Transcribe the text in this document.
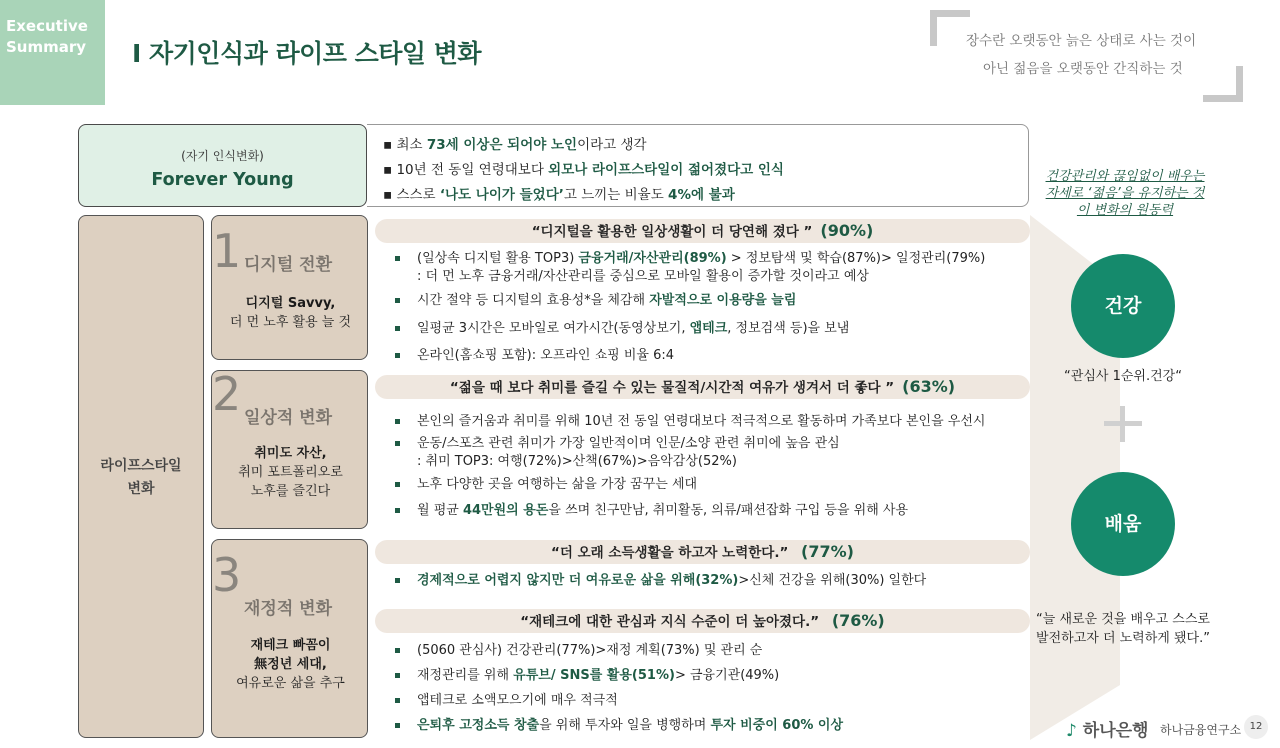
Executive
Summary	I 자기인식과 라이프 스타일 변화	장수란 오랫동안 늙은 상태로 사는 것이
아닌 젊음을 오랫동안 간직하는 것
(자기 인식변화)
Forever Young
▪ 최소 73세 이상은 되어야 노인이라고 생각
▪ 10년 전 동일 연령대보다 외모나 라이프스타일이 젊어졌다고 인식
▪ 스스로 ‘나도 나이가 들었다’고 느끼는 비율도 4%에 불과
라이프스타일
변화
1 디지털 전환
디지털 Savvy,
더 먼 노후 활용 늘 것
“디지털을 활용한 일상생활이 더 당연해 졌다 ” (90%)
(일상속 디지털 활용 TOP3) 금융거래/자산관리(89%) > 정보탐색 및 학습(87%)> 일정관리(79%)
: 더 먼 노후 금융거래/자산관리를 중심으로 모바일 활용이 증가할 것이라고 예상
시간 절약 등 디지털의 효용성*을 체감해 자발적으로 이용량을 늘림
일평균 3시간은 모바일로 여가시간(동영상보기, 앱테크, 정보검색 등)을 보냄
온라인(홈쇼핑 포함): 오프라인 쇼핑 비율 6:4
2 일상적 변화
취미도 자산,
취미 포트폴리오로
노후를 즐긴다
“젊을 때 보다 취미를 즐길 수 있는 물질적/시간적 여유가 생겨서 더 좋다 ” (63%)
본인의 즐거움과 취미를 위해 10년 전 동일 연령대보다 적극적으로 활동하며 가족보다 본인을 우선시
운동/스포츠 관련 취미가 가장 일반적이며 인문/소양 관련 취미에 높음 관심
: 취미 TOP3: 여행(72%)>산책(67%)>음악감상(52%)
노후 다양한 곳을 여행하는 삶을 가장 꿈꾸는 세대
월 평균 44만원의 용돈을 쓰며 친구만남, 취미활동, 의류/패션잡화 구입 등을 위해 사용
3
재정적 변화
재테크 빠꼼이
無정년 세대,
여유로운 삶을 추구
“더 오래 소득생활을 하고자 노력한다.” (77%)
경제적으로 어렵지 않지만 더 여유로운 삶을 위해(32%)>신체 건강을 위해(30%) 일한다
“재테크에 대한 관심과 지식 수준이 더 높아졌다.” (76%)
(5060 관심사) 건강관리(77%)>재정 계획(73%) 및 관리 순
재정관리를 위해 유튜브/ SNS를 활용(51%)> 금융기관(49%)
앱테크로 소액모으기에 매우 적극적
은퇴후 고정소득 창출을 위해 투자와 일을 병행하며 투자 비중이 60% 이상
건강관리와 끊임없이 배우는
자세로 ‘젊음’을 유지하는 것
이 변화의 원동력
건강
“관심사 1순위.건강“
배움
“늘 새로운 것을 배우고 스스로
발전하고자 더 노력하게 됐다.”
♪ 하나은행 하나금융연구소 12
